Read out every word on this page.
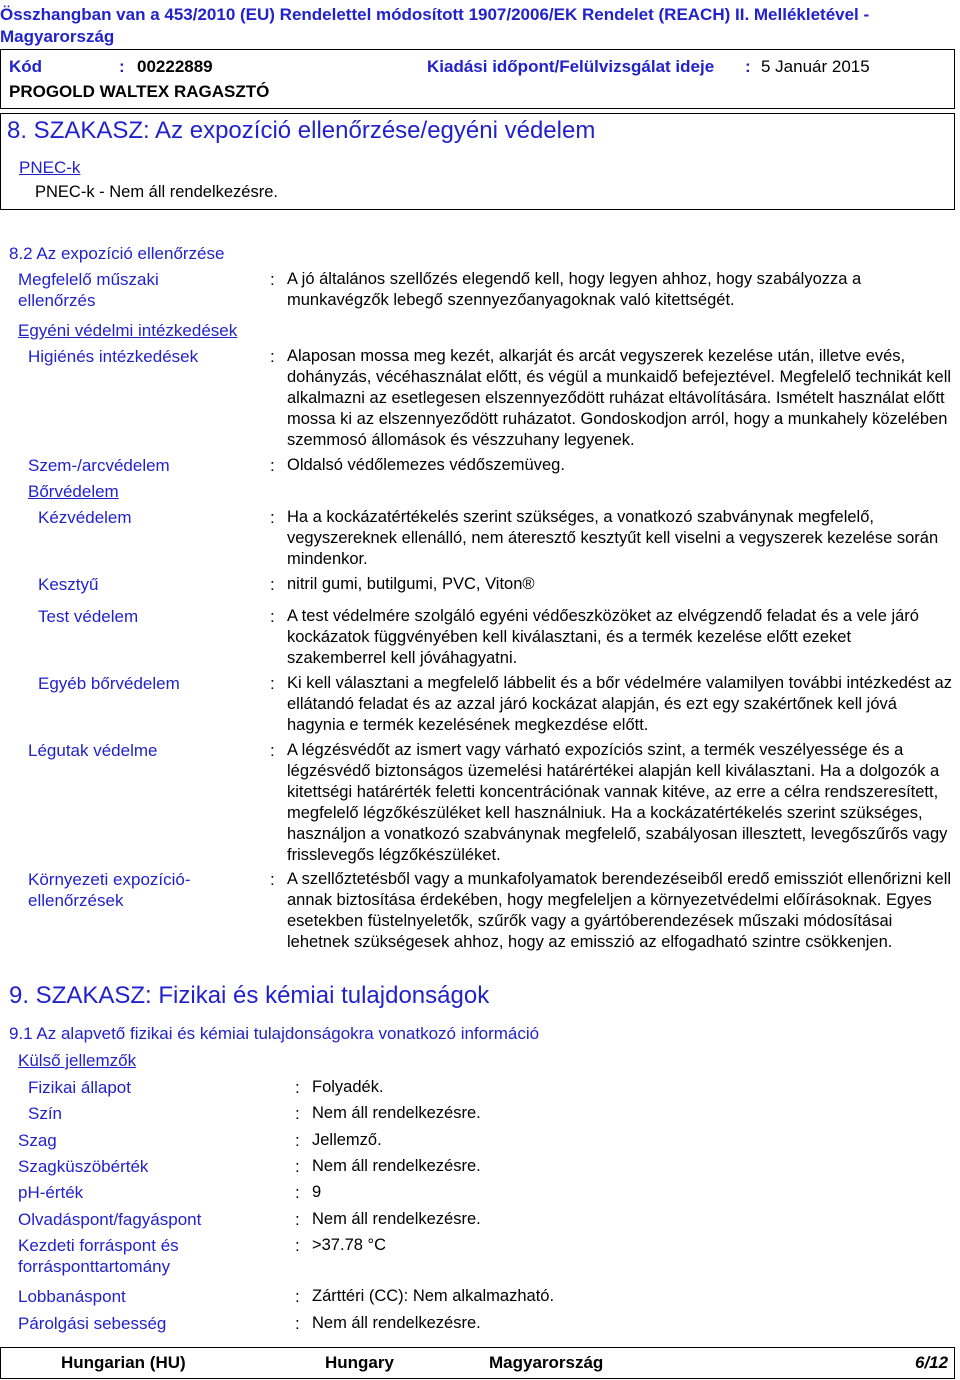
Összhangban van a 453/2010 (EU) Rendelettel módosított 1907/2006/EK Rendelet (REACH) II. Mellékletével -
Magyarország
Kód	: 00222889	Kiadási időpont/Felülvizsgálat ideje : 5 Január 2015
PROGOLD WALTEX RAGASZTÓ
8. SZAKASZ: Az expozíció ellenőrzése/egyéni védelem
PNEC-k
PNEC-k - Nem áll rendelkezésre.
8.2 Az expozíció ellenőrzése
Megfelelő műszaki ellenőrzés
: A jó általános szellőzés elegendő kell, hogy legyen ahhoz, hogy szabályozza a munkavégzők lebegő szennyezőanyagoknak való kitettségét.
Egyéni védelmi intézkedések
Higiénés intézkedések	: Alaposan mossa meg kezét, alkarját és arcát vegyszerek kezelése után, illetve evés, dohányzás, vécéhasználat előtt, és végül a munkaidő befejeztével. Megfelelő technikát kell alkalmazni az esetlegesen elszennyeződött ruházat eltávolítására. Ismételt használat előtt mossa ki az elszennyeződött ruházatot. Gondoskodjon arról, hogy a munkahely közelében szemmosó állomások és vészzuhany legyenek.
Szem-/arcvédelem	: Oldalsó védőlemezes védőszemüveg.
Bőrvédelem
Kézvédelem	: Ha a kockázatértékelés szerint szükséges, a vonatkozó szabványnak megfelelő, vegyszereknek ellenálló, nem áteresztő kesztyűt kell viselni a vegyszerek kezelése során mindenkor.
Kesztyű	: nitril gumi, butilgumi, PVC, Viton®
Test védelem	: A test védelmére szolgáló egyéni védőeszközöket az elvégzendő feladat és a vele járó kockázatok függvényében kell kiválasztani, és a termék kezelése előtt ezeket szakemberrel kell jóváhagyatni.
Egyéb bőrvédelem	: Ki kell választani a megfelelő lábbelit és a bőr védelmére valamilyen további intézkedést az ellátandó feladat és az azzal járó kockázat alapján, és ezt egy szakértőnek kell jóvá hagynia e termék kezelésének megkezdése előtt.
Légutak védelme	: A légzésvédőt az ismert vagy várható expozíciós szint, a termék veszélyessége és a légzésvédő biztonságos üzemelési határértékei alapján kell kiválasztani. Ha a dolgozók a kitettségi határérték feletti koncentrációnak vannak kitéve, az erre a célra rendszeresített, megfelelő légzőkészüléket kell használniuk. Ha a kockázatértékelés szerint szükséges, használjon a vonatkozó szabványnak megfelelő, szabályosan illesztett, levegőszűrős vagy frisslevegős légzőkészüléket.
Környezeti expozíció-ellenőrzések
: A szellőztetésből vagy a munkafolyamatok berendezéseiből eredő emissziót ellenőrizni kell annak biztosítása érdekében, hogy megfeleljen a környezetvédelmi előírásoknak. Egyes esetekben füstelnyeletők, szűrők vagy a gyártóberendezések műszaki módosításai lehetnek szükségesek ahhoz, hogy az emisszió az elfogadható szintre csökkenjen.
9. SZAKASZ: Fizikai és kémiai tulajdonságok
9.1 Az alapvető fizikai és kémiai tulajdonságokra vonatkozó információ
Külső jellemzők
Fizikai állapot	: Folyadék.
Szín	: Nem áll rendelkezésre.
Szag	: Jellemző.
Szagküszöbérték	: Nem áll rendelkezésre.
pH-érték	: 9
Olvadáspont/fagyáspont	: Nem áll rendelkezésre.
Kezdeti forráspont és forrásponttartomány
: >37.78 °C
Lobbanáspont	: Zárttéri (CC): Nem alkalmazható.
Párolgási sebesség	: Nem áll rendelkezésre.
Hungarian (HU)	Hungary	Magyarország	6/12
